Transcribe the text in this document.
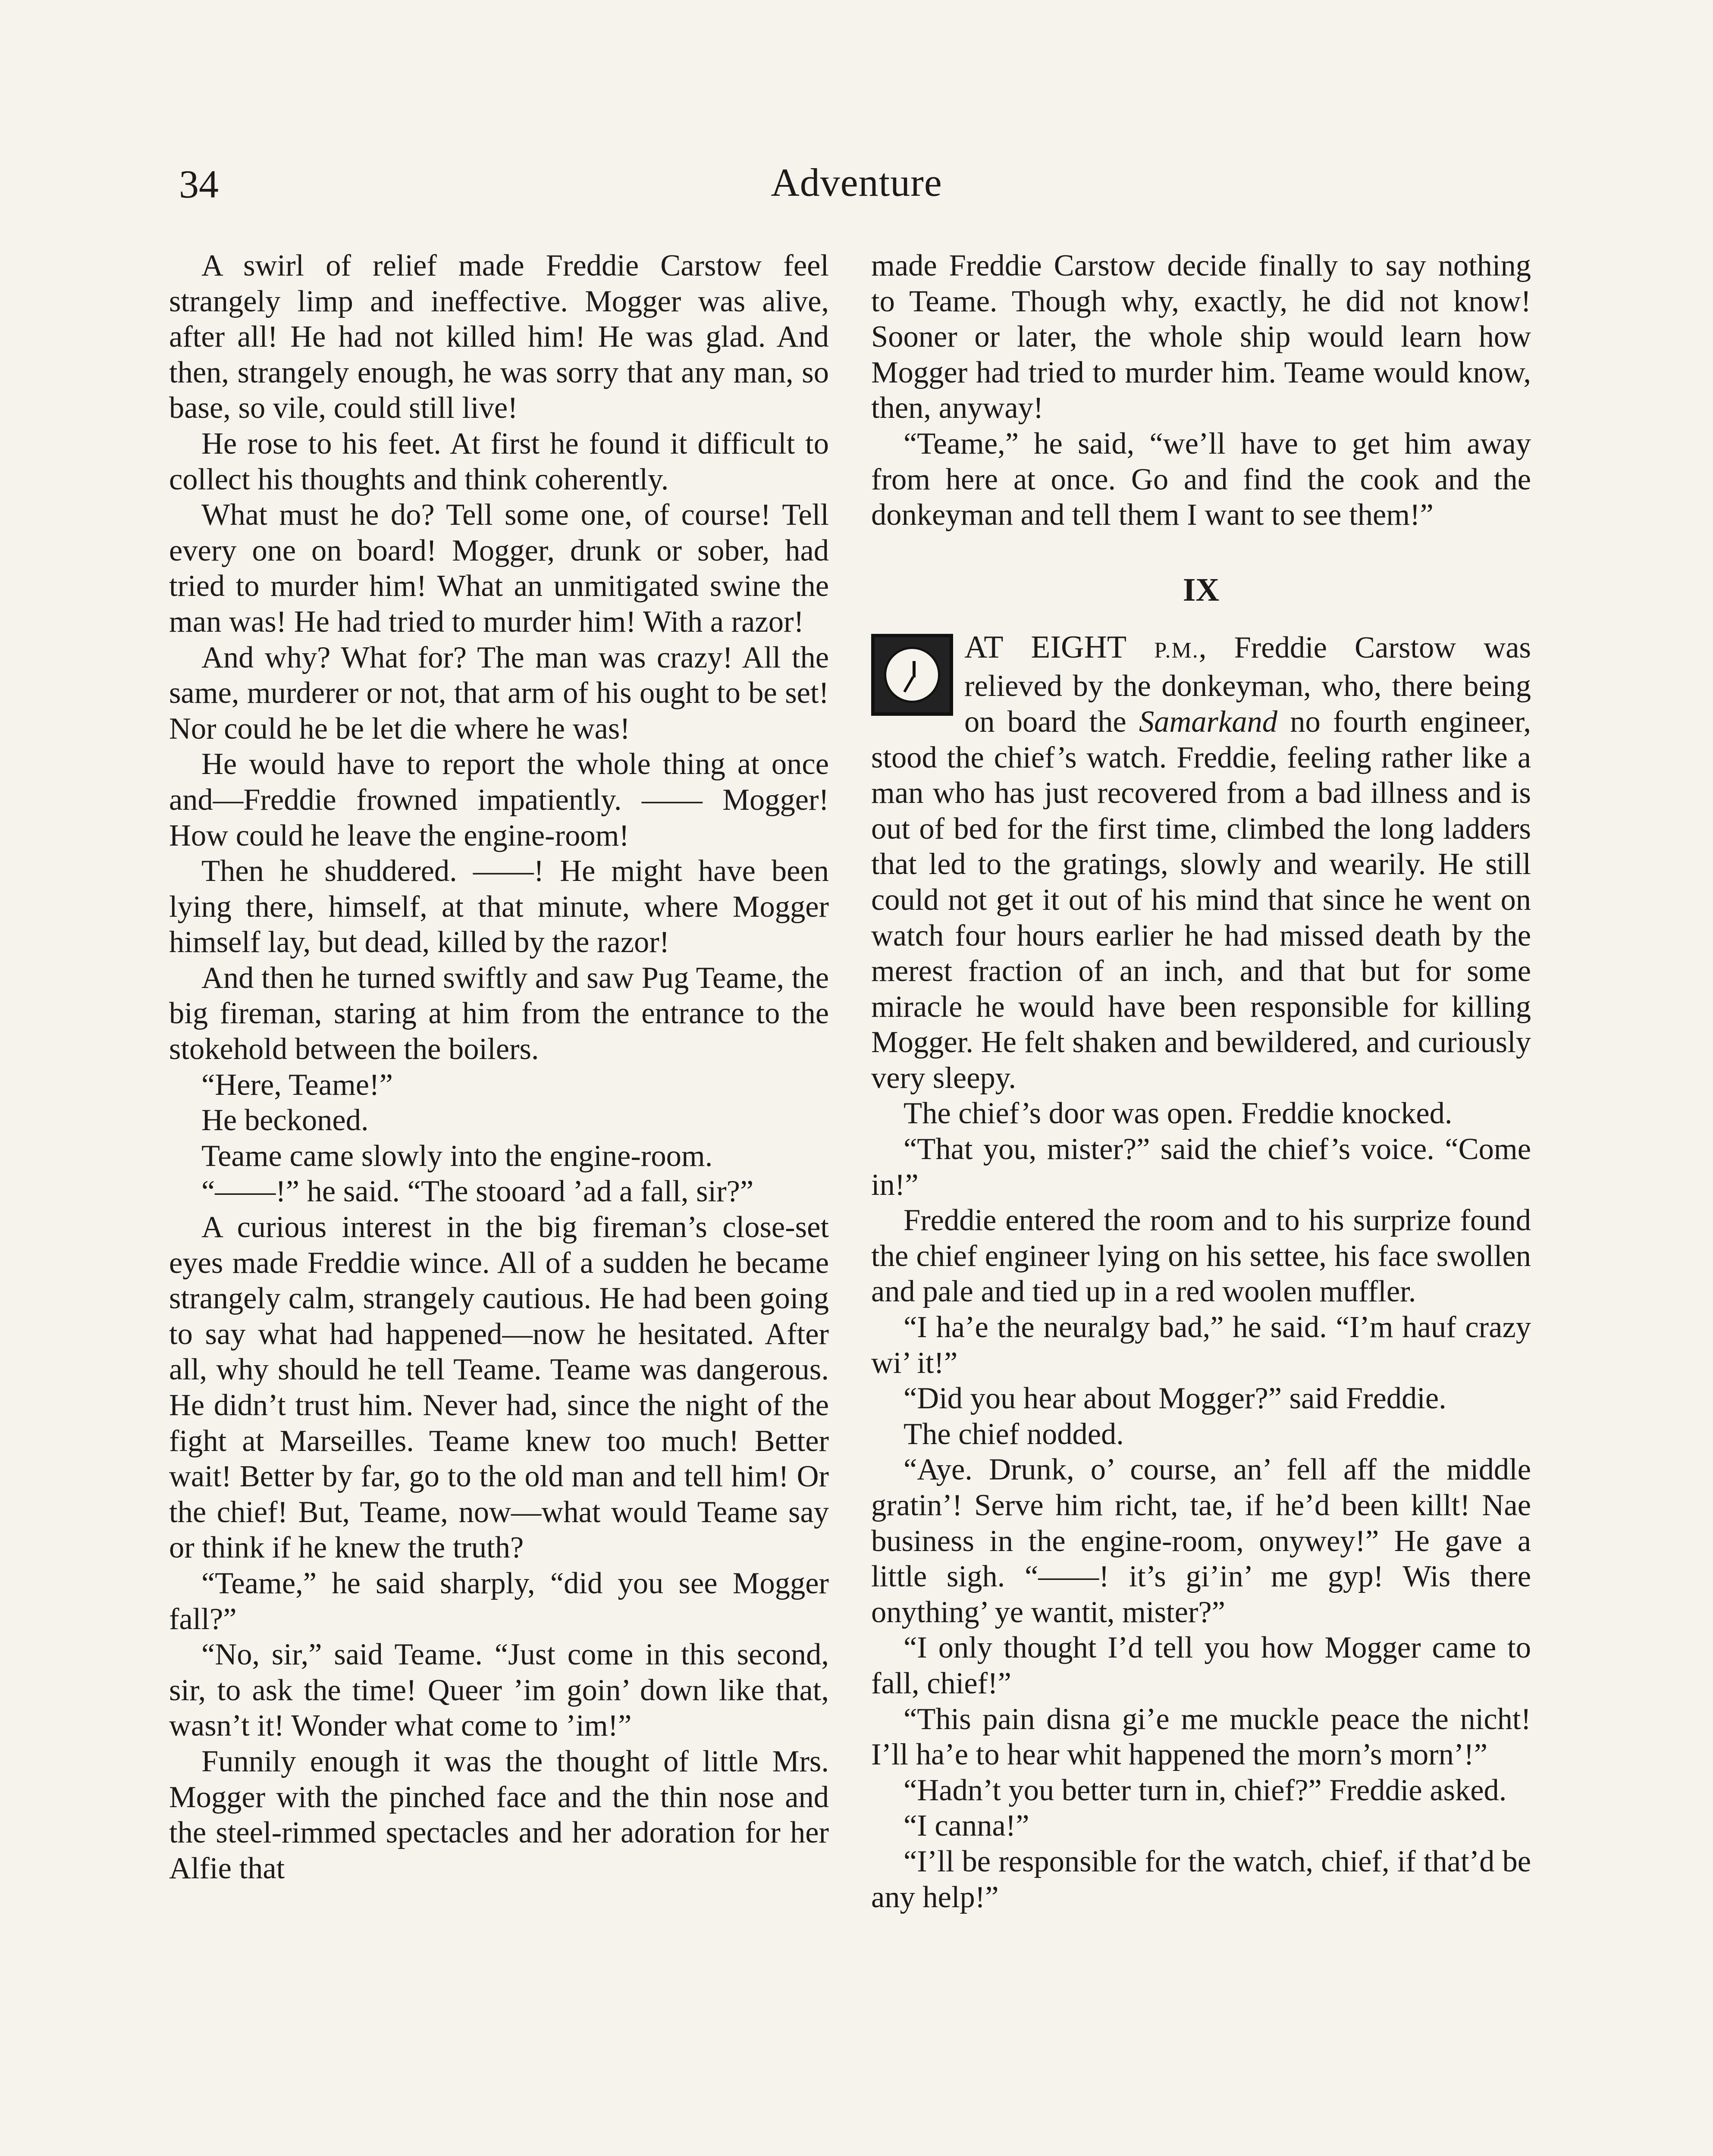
34	Adventure

A swirl of relief made Freddie Carstow feel strangely limp and ineffective. Mogger was alive, after all! He had not killed him! He was glad. And then, strangely enough, he was sorry that any man, so base, so vile, could still live!

He rose to his feet. At first he found it difficult to collect his thoughts and think coherently.

What must he do? Tell some one, of course! Tell every one on board! Mogger, drunk or sober, had tried to murder him! What an unmitigated swine the man was! He had tried to murder him! With a razor!

And why? What for? The man was crazy! All the same, murderer or not, that arm of his ought to be set! Nor could he be let die where he was!

He would have to report the whole thing at once and—Freddie frowned impatiently. —— Mogger! How could he leave the engine-room!

Then he shuddered. ——! He might have been lying there, himself, at that minute, where Mogger himself lay, but dead, killed by the razor!

And then he turned swiftly and saw Pug Teame, the big fireman, staring at him from the entrance to the stokehold between the boilers.

“Here, Teame!”

He beckoned.

Teame came slowly into the engine-room.

“——!” he said. “The stooard ’ad a fall, sir?”

A curious interest in the big fireman’s close-set eyes made Freddie wince. All of a sudden he became strangely calm, strangely cautious. He had been going to say what had happened—now he hesitated. After all, why should he tell Teame. Teame was dangerous. He didn’t trust him. Never had, since the night of the fight at Marseilles. Teame knew too much! Better wait! Better by far, go to the old man and tell him! Or the chief! But, Teame, now—what would Teame say or think if he knew the truth?

“Teame,” he said sharply, “did you see Mogger fall?”

“No, sir,” said Teame. “Just come in this second, sir, to ask the time! Queer ’im goin’ down like that, wasn’t it! Wonder what come to ’im!”

Funnily enough it was the thought of little Mrs. Mogger with the pinched face and the thin nose and the steel-rimmed spectacles and her adoration for her Alfie that

made Freddie Carstow decide finally to say nothing to Teame. Though why, exactly, he did not know! Sooner or later, the whole ship would learn how Mogger had tried to murder him. Teame would know, then, anyway!

“Teame,” he said, “we’ll have to get him away from here at once. Go and find the cook and the donkeyman and tell them I want to see them!”

IX

AT EIGHT P.M., Freddie Carstow was relieved by the donkeyman, who, there being on board the Samarkand no fourth engineer, stood the chief’s watch. Freddie, feeling rather like a man who has just recovered from a bad illness and is out of bed for the first time, climbed the long ladders that led to the gratings, slowly and wearily. He still could not get it out of his mind that since he went on watch four hours earlier he had missed death by the merest fraction of an inch, and that but for some miracle he would have been responsible for killing Mogger. He felt shaken and bewildered, and curiously very sleepy.

The chief’s door was open. Freddie knocked.

“That you, mister?” said the chief’s voice. “Come in!”

Freddie entered the room and to his surprize found the chief engineer lying on his settee, his face swollen and pale and tied up in a red woolen muffler.

“I ha’e the neuralgy bad,” he said. “I’m hauf crazy wi’ it!”

“Did you hear about Mogger?” said Freddie.

The chief nodded.

“Aye. Drunk, o’ course, an’ fell aff the middle gratin’! Serve him richt, tae, if he’d been killt! Nae business in the engine-room, onywey!” He gave a little sigh. “——! it’s gi’in’ me gyp! Wis there onything’ ye wantit, mister?”

“I only thought I’d tell you how Mogger came to fall, chief!”

“This pain disna gi’e me muckle peace the nicht! I’ll ha’e to hear whit happened the morn’s morn’!”

“Hadn’t you better turn in, chief?” Freddie asked.

“I canna!”

“I’ll be responsible for the watch, chief, if that’d be any help!”
